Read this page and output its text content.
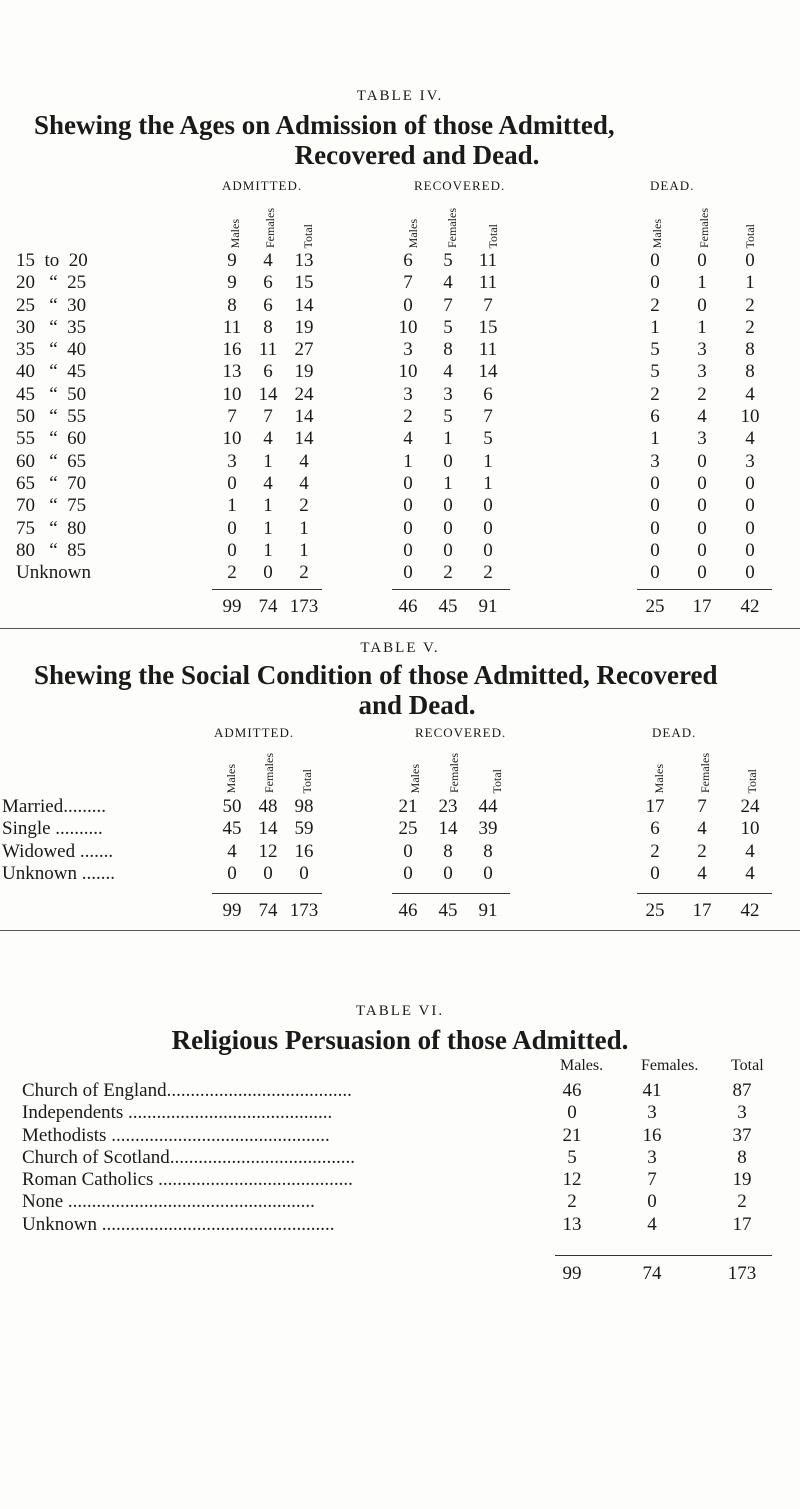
TABLE IV.
Shewing the Ages on Admission of those Admitted,
Recovered and Dead.
ADMITTED.	RECOVERED.	DEAD.
Males Females Total	Males Females Total	Males	Females	Total
15  to  20	9	4	13	6	5	11	0	0	0
20   “  25	9	6	15	7	4	11	0	1	1
25   “  30	8	6	14	0	7	7	2	0	2
30   “  35	11	8	19	10	5	15	1	1	2
35   “  40	16 11 27	3	8	11	5	3	8
40   “  45	13	6	19	10	4	14	5	3	8
45   “  50	10 14 24	3	3	6	2	2	4
50   “  55	7	7	14	2	5	7	6	4	10
55   “  60	10	4	14	4	1	5	1	3	4
60   “  65	3	1	4	1	0	1	3	0	3
65   “  70	0	4	4	0	1	1	0	0	0
70   “  75	1	1	2	0	0	0	0	0	0
75   “  80	0	1	1	0	0	0	0	0	0
80   “  85	0	1	1	0	0	0	0	0	0
Unknown	2	0	2	0	2	2	0	0	0
99 74 173	46	45	91	25	17	42
TABLE V.
Shewing the Social Condition of those Admitted, Recovered
and Dead.
ADMITTED.	RECOVERED.	DEAD.
Males Females Total	Males Females Total	Males	Females	Total
Married.........	50 48 98	21	23	44	17	7	24
Single ..........	45 14 59	25	14	39	6	4	10
Widowed .......	4	12 16	0	8	8	2	2	4
Unknown .......	0	0	0	0	0	0	0	4	4
99 74 173	46	45	91	25	17	42
TABLE VI.
Religious Persuasion of those Admitted.
Males. Females. Total
Church of England.......................................	46	41	87
Independents ...........................................	0	3	3
Methodists ..............................................	21	16	37
Church of Scotland.......................................	5	3	8
Roman Catholics .........................................	12	7	19
None ....................................................	2	0	2
Unknown .................................................	13	4	17
99	74	173
